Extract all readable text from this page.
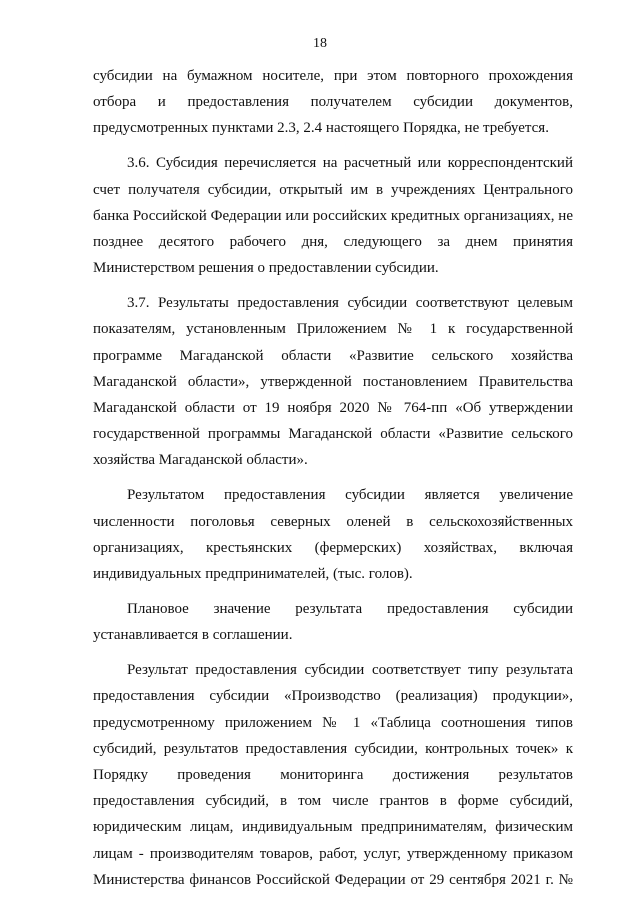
18

субсидии на бумажном носителе, при этом повторного прохождения отбора и предоставления получателем субсидии документов, предусмотренных пунктами 2.3, 2.4 настоящего Порядка, не требуется.

3.6. Субсидия перечисляется на расчетный или корреспондентский счет получателя субсидии, открытый им в учреждениях Центрального банка Российской Федерации или российских кредитных организациях, не позднее десятого рабочего дня, следующего за днем принятия Министерством решения о предоставлении субсидии.

3.7. Результаты предоставления субсидии соответствуют целевым показателям, установленным Приложением № 1 к государственной программе Магаданской области «Развитие сельского хозяйства Магаданской области», утвержденной постановлением Правительства Магаданской области от 19 ноября 2020 № 764-пп «Об утверждении государственной программы Магаданской области «Развитие сельского хозяйства Магаданской области».

Результатом предоставления субсидии является увеличение численности поголовья северных оленей в сельскохозяйственных организациях, крестьянских (фермерских) хозяйствах, включая индивидуальных предпринимателей, (тыс. голов).

Плановое значение результата предоставления субсидии устанавливается в соглашении.

Результат предоставления субсидии соответствует типу результата предоставления субсидии «Производство (реализация) продукции», предусмотренному приложением № 1 «Таблица соотношения типов субсидий, результатов предоставления субсидии, контрольных точек» к Порядку проведения мониторинга достижения результатов предоставления субсидий, в том числе грантов в форме субсидий, юридическим лицам, индивидуальным предпринимателям, физическим лицам - производителям товаров, работ, услуг, утвержденному приказом Министерства финансов Российской Федерации от 29 сентября 2021 г. №
